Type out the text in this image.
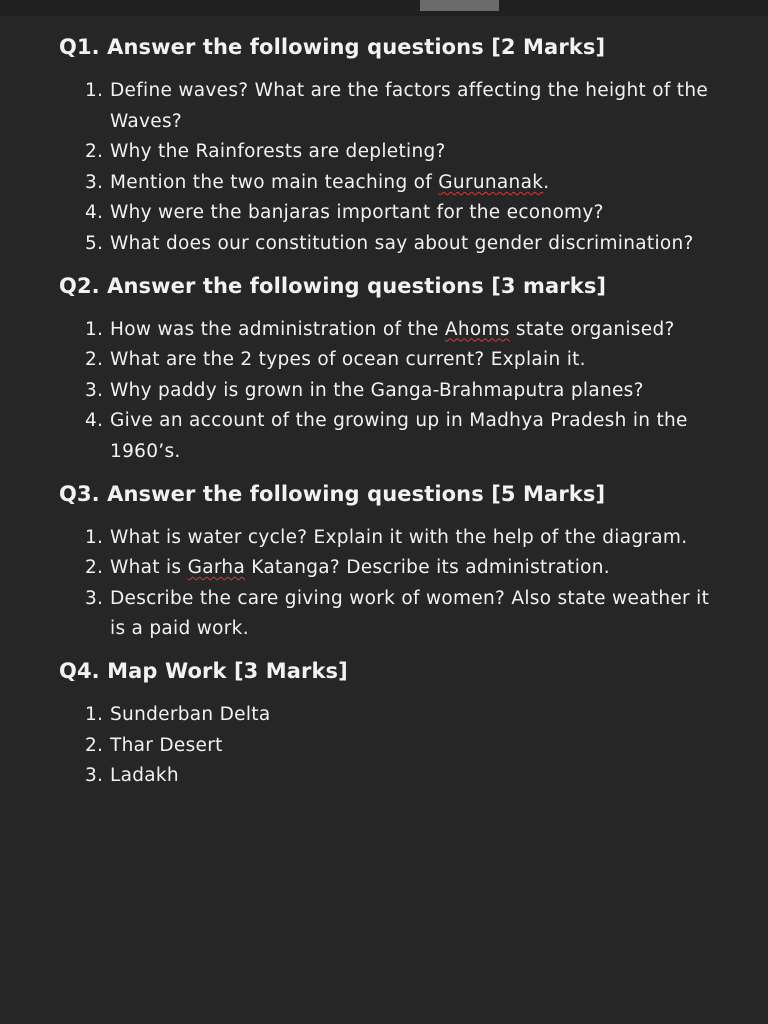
Q1. Answer the following questions [2 Marks]
1. Define waves? What are the factors affecting the height of the Waves?
2. Why the Rainforests are depleting?
3. Mention the two main teaching of Gurunanak.
4. Why were the banjaras important for the economy?
5. What does our constitution say about gender discrimination?
Q2. Answer the following questions [3 marks]
1. How was the administration of the Ahoms state organised?
2. What are the 2 types of ocean current? Explain it.
3. Why paddy is grown in the Ganga-Brahmaputra planes?
4. Give an account of the growing up in Madhya Pradesh in the 1960’s.
Q3. Answer the following questions [5 Marks]
1. What is water cycle? Explain it with the help of the diagram.
2. What is Garha Katanga? Describe its administration.
3. Describe the care giving work of women? Also state weather it is a paid work.
Q4. Map Work [3 Marks]
1. Sunderban Delta
2. Thar Desert
3. Ladakh
